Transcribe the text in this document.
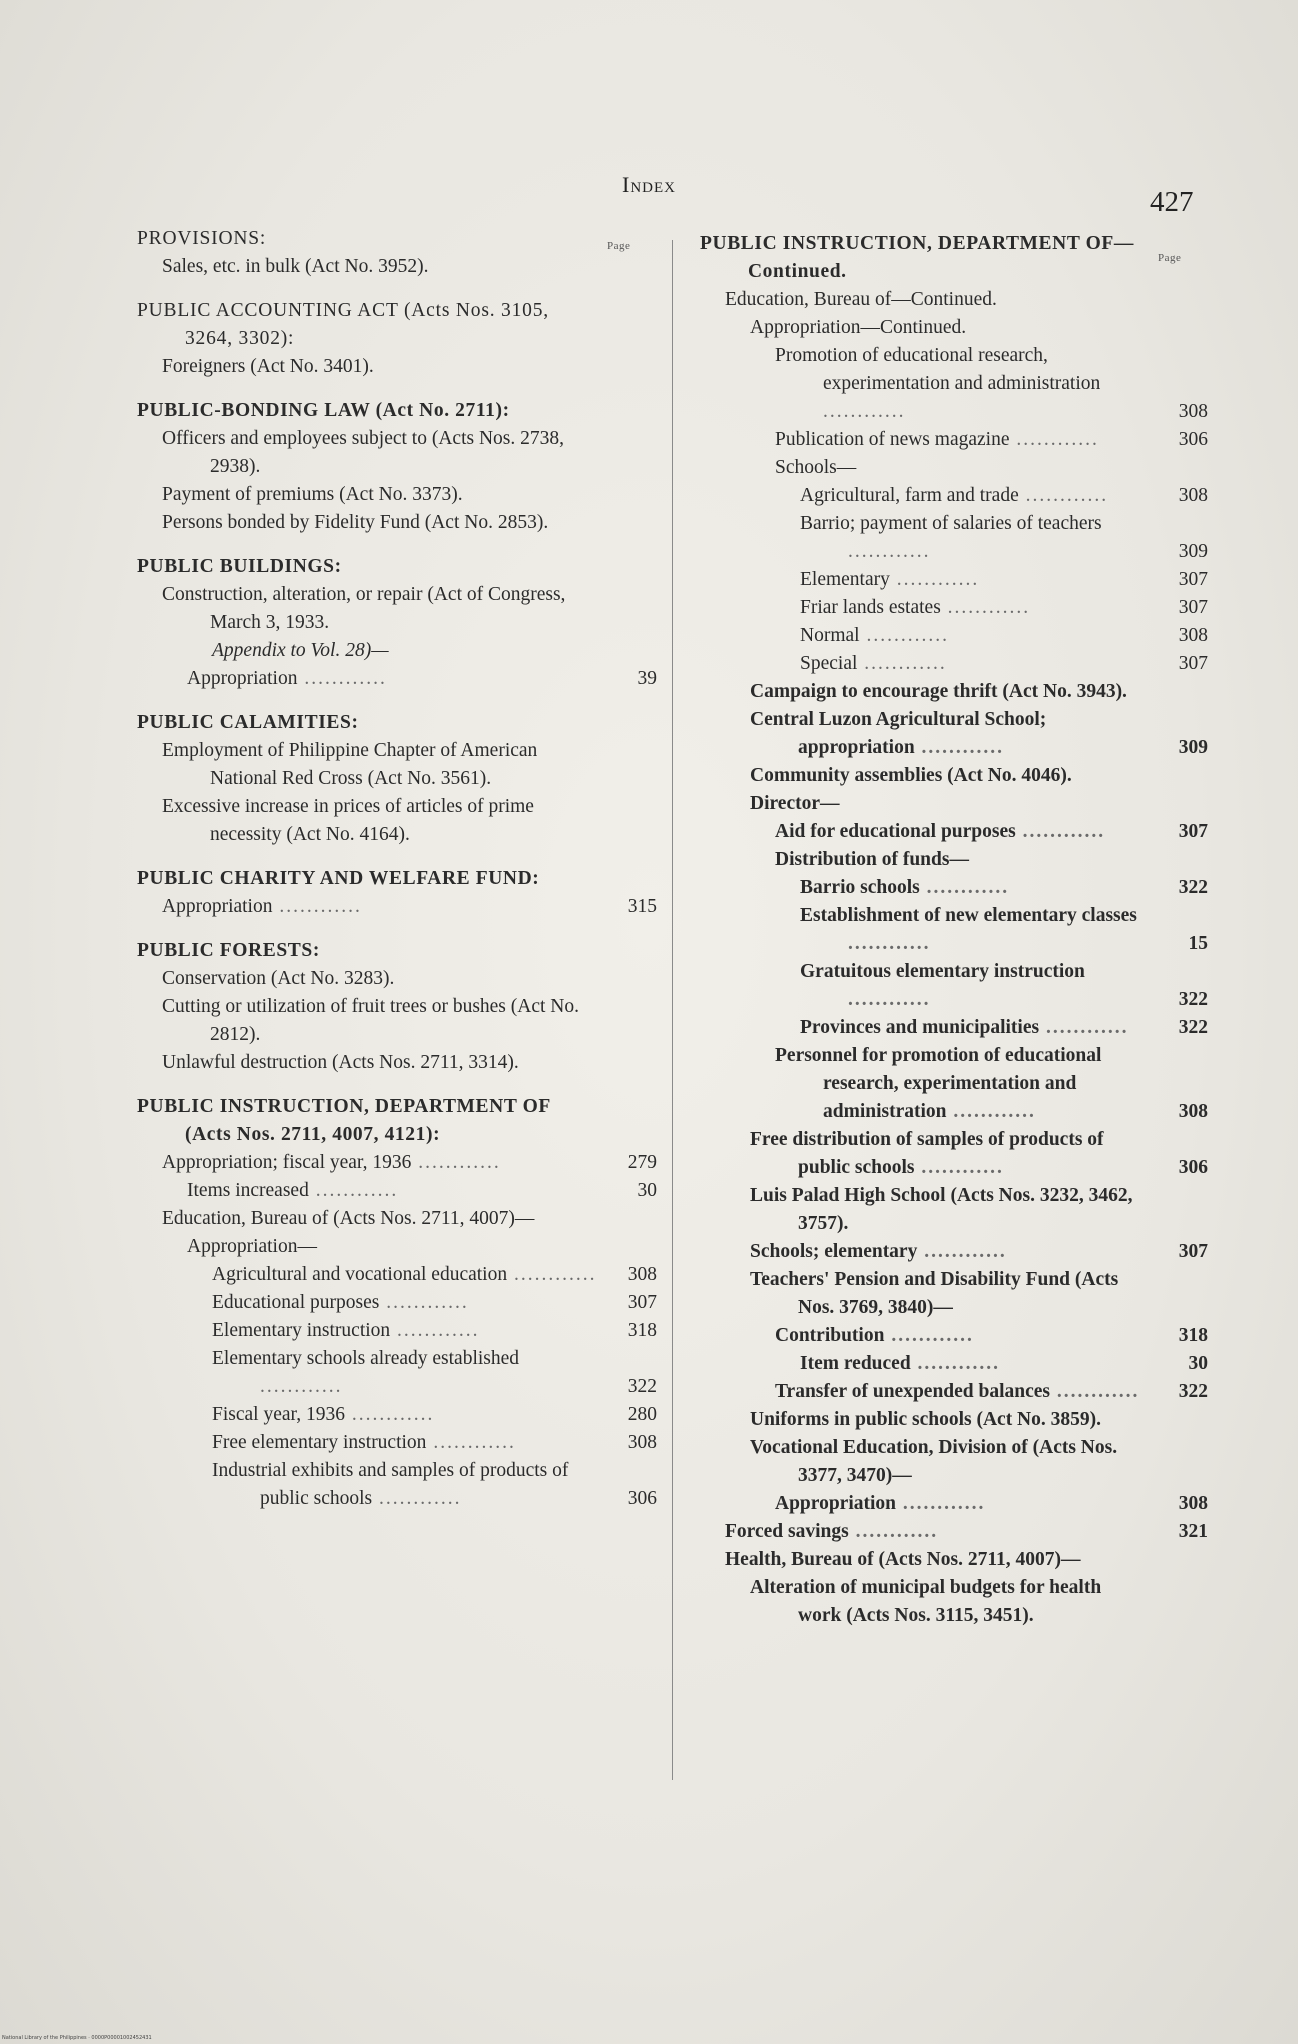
Index
427
Page
Page
PROVISIONS:
Sales, etc. in bulk (Act No. 3952).
PUBLIC ACCOUNTING ACT (Acts Nos. 3105, 3264, 3302):
Foreigners (Act No. 3401).
PUBLIC-BONDING LAW (Act No. 2711):
Officers and employees subject to (Acts Nos. 2738, 2938).
Payment of premiums (Act No. 3373).
Persons bonded by Fidelity Fund (Act No. 2853).
PUBLIC BUILDINGS:
Construction, alteration, or repair (Act of Congress, March 3, 1933.
Appendix to Vol. 28)—
Appropriation ............	39
PUBLIC CALAMITIES:
Employment of Philippine Chapter of American National Red Cross (Act No. 3561).
Excessive increase in prices of articles of prime necessity (Act No. 4164).
PUBLIC CHARITY AND WELFARE FUND:
Appropriation ............	315
PUBLIC FORESTS:
Conservation (Act No. 3283).
Cutting or utilization of fruit trees or bushes (Act No. 2812).
Unlawful destruction (Acts Nos. 2711, 3314).
PUBLIC INSTRUCTION, DEPARTMENT OF (Acts Nos. 2711, 4007, 4121):
Appropriation; fiscal year, 1936 ............	279
Items increased ............	30
Education, Bureau of (Acts Nos. 2711, 4007)—
Appropriation—
Agricultural and vocational education ............	308
Educational purposes ............	307
Elementary instruction ............	318
Elementary schools already established ............	322
Fiscal year, 1936 ............	280
Free elementary instruction ............	308
Industrial exhibits and samples of products of public schools ............	306
PUBLIC INSTRUCTION, DEPARTMENT OF—Continued.
Education, Bureau of—Continued.
Appropriation—Continued.
Promotion of educational research, experimentation and administration ............	308
Publication of news magazine ............	306
Schools—
Agricultural, farm and trade ............	308
Barrio; payment of salaries of teachers ............	309
Elementary ............	307
Friar lands estates ............	307
Normal ............	308
Special ............	307
Campaign to encourage thrift (Act No. 3943).
Central Luzon Agricultural School; appropriation ............	309
Community assemblies (Act No. 4046).
Director—
Aid for educational purposes ............	307
Distribution of funds—
Barrio schools ............	322
Establishment of new elementary classes ............	15
Gratuitous elementary instruction ............	322
Provinces and municipalities ............	322
Personnel for promotion of educational research, experimentation and administration ............	308
Free distribution of samples of products of public schools ............	306
Luis Palad High School (Acts Nos. 3232, 3462, 3757).
Schools; elementary ............	307
Teachers' Pension and Disability Fund (Acts Nos. 3769, 3840)—
Contribution ............	318
Item reduced ............	30
Transfer of unexpended balances ............	322
Uniforms in public schools (Act No. 3859).
Vocational Education, Division of (Acts Nos. 3377, 3470)—
Appropriation ............	308
Forced savings ............	321
Health, Bureau of (Acts Nos. 2711, 4007)—
Alteration of municipal budgets for health work (Acts Nos. 3115, 3451).
National Library of the Philippines · 0000P00001002452431
